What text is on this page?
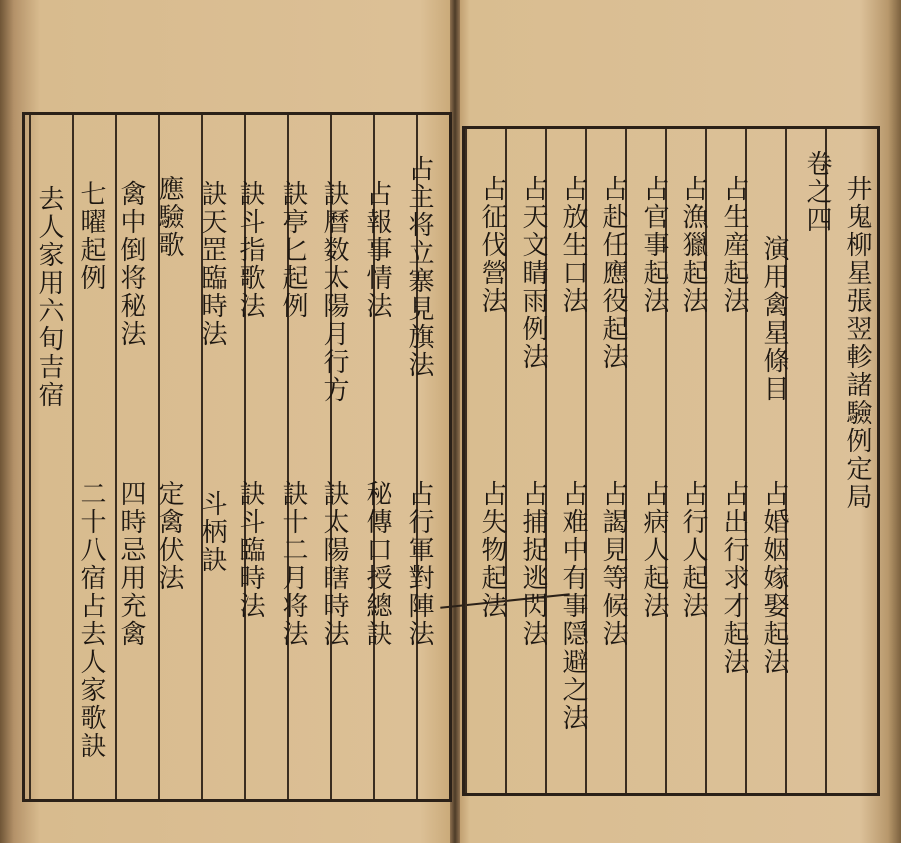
占主将立寨見旗法
占報事情法
訣曆数太陽月行方
訣亭匕起例
訣斗指歌法
訣天罡臨時法
應驗歌
禽中倒将秘法
七曜起例
去人家用六旬吉宿
占行軍對陣法
秘傳口授總訣
訣太陽瞎時法
訣十二月将法
訣斗臨時法
斗柄訣
定禽伏法
四時忌用充禽
二十八宿占去人家歌訣
井鬼柳星張翌軫諸驗例定局
卷之四
演用禽星條目
占生産起法
占漁獵起法
占官事起法
占赴任應役起法
占放生口法
占天文睛雨例法
占征伐營法
占婚姻嫁娶起法
占出行求才起法
占行人起法
占病人起法
占謁見等候法
占难中有事隠避之法
占捕捉逃閃法
占失物起法
